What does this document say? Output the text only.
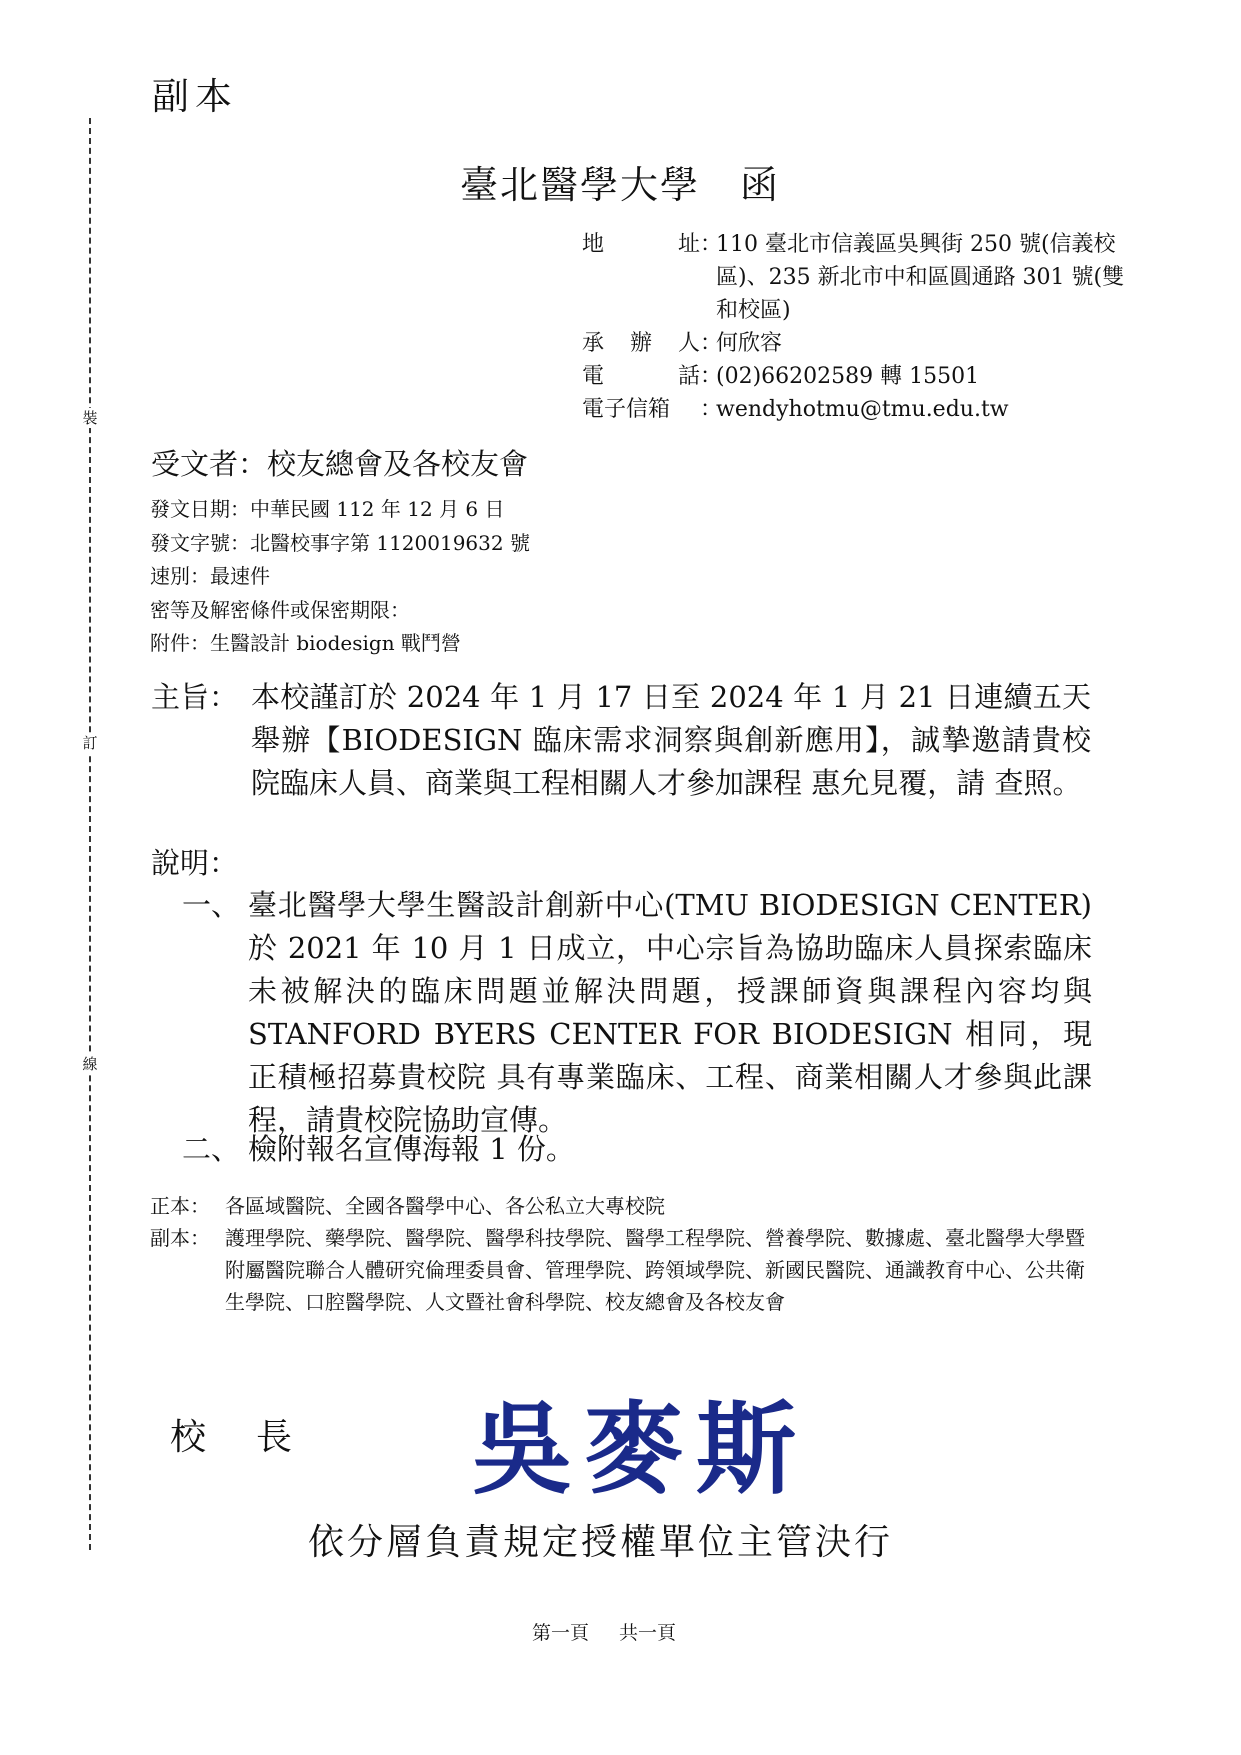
副本
裝
訂
線
臺北醫學大學 函
地	址 ：
110 臺北市信義區吳興街 250 號(信義校區)、235 新北市中和區圓通路 301 號(雙和校區)
承 辦 人 ：
何欣容
電	話 ：
(02)66202589 轉 15501
電子信箱	：
wendyhotmu@tmu.edu.tw
受文者：校友總會及各校友會
發文日期：中華民國 112 年 12 月 6 日
發文字號：北醫校事字第 1120019632 號
速別：最速件
密等及解密條件或保密期限：
附件：生醫設計 biodesign 戰鬥營
主旨： 本校謹訂於 2024 年 1 月 17 日至 2024 年 1 月 21 日連續五天舉辦【BIODESIGN 臨床需求洞察與創新應用】，誠摯邀請貴校院臨床人員、商業與工程相關人才參加課程 惠允見覆，請 查照。
說明：
一、 臺北醫學大學生醫設計創新中心(TMU BIODESIGN CENTER)於 2021 年 10 月 1 日成立，中心宗旨為協助臨床人員探索臨床未被解決的臨床問題並解決問題，授課師資與課程內容均與 STANFORD BYERS CENTER FOR BIODESIGN 相同，現正積極招募貴校院 具有專業臨床、工程、商業相關人才參與此課程，請貴校院協助宣傳。
二、 檢附報名宣傳海報 1 份。
正本： 各區域醫院、全國各醫學中心、各公私立大專校院
副本： 護理學院、藥學院、醫學院、醫學科技學院、醫學工程學院、營養學院、數據處、臺北醫學大學暨附屬醫院聯合人體研究倫理委員會、管理學院、跨領域學院、新國民醫院、通識教育中心、公共衛生學院、口腔醫學院、人文暨社會科學院、校友總會及各校友會
校 長 吳麥斯
依分層負責規定授權單位主管決行
第一頁 共一頁
